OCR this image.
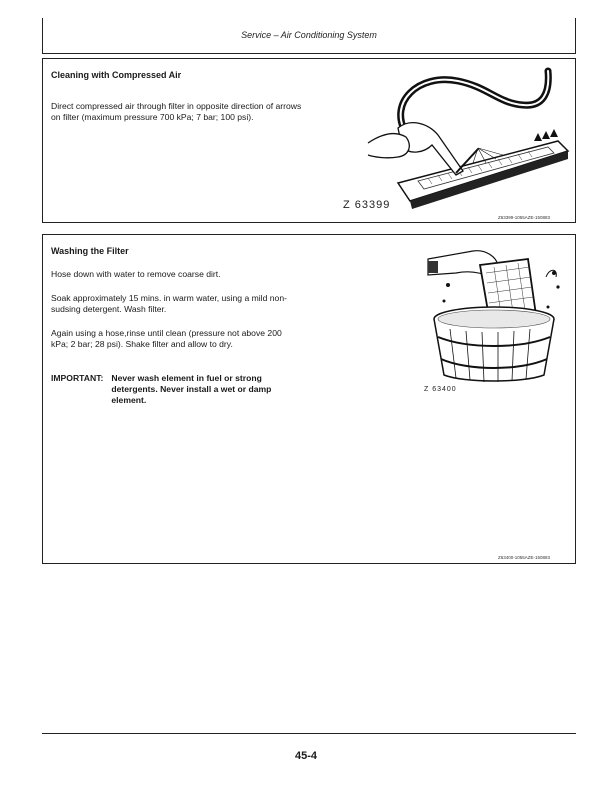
Service – Air Conditioning System
Cleaning with Compressed Air
Direct compressed air through filter in opposite direction of arrows on filter (maximum pressure 700 kPa; 7 bar; 100 psi).
Z 63399
Z63399-1055AZE-150883
Washing the Filter
Hose down with water to remove coarse dirt.
Soak approximately 15 mins. in warm water, using a mild non-sudsing detergent. Wash filter.
Again using a hose,rinse until clean (pressure not above 200 kPa; 2 bar; 28 psi). Shake filter and allow to dry.
IMPORTANT: Never wash element in fuel or strong detergents. Never install a wet or damp element.
Z 63400
Z63400-1055AZE-150883
45-4
